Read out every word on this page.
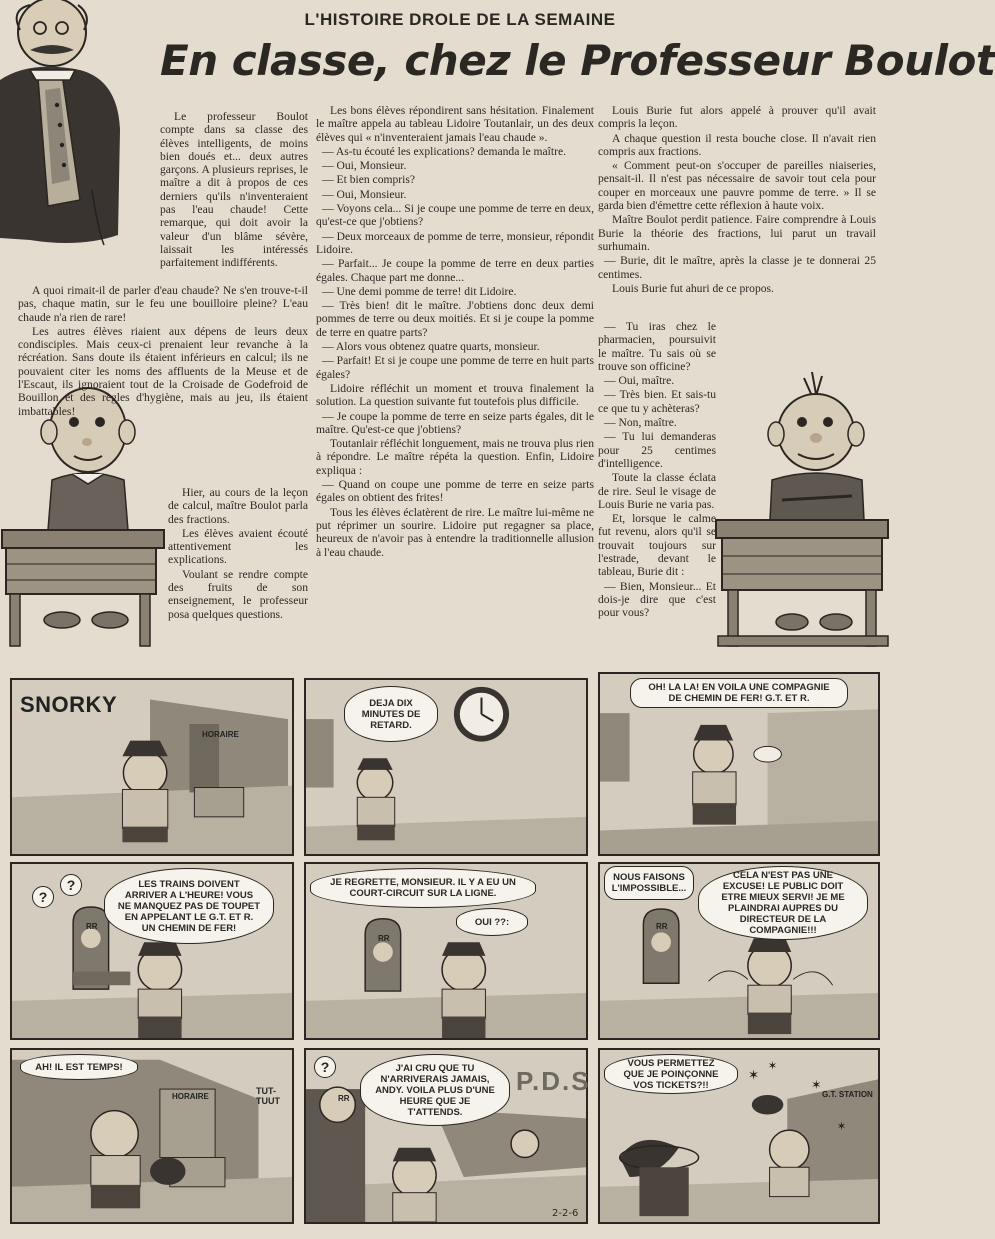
L'HISTOIRE DROLE DE LA SEMAINE
En classe, chez le Professeur Boulot

Le professeur Boulot compte dans sa classe des élèves intelligents, de moins bien doués et... deux autres garçons. A plusieurs reprises, le maître a dit à propos de ces derniers qu'ils n'inventeraient pas l'eau chaude! Cette remarque, qui doit avoir la valeur d'un blâme sévère, laissait les intéressés parfaitement indifférents.

A quoi rimait-il de parler d'eau chaude? Ne s'en trouve-t-il pas, chaque matin, sur le feu une bouilloire pleine? L'eau chaude n'a rien de rare!

Les autres élèves riaient aux dépens de leurs deux condisciples. Mais ceux-ci prenaient leur revanche à la récréation. Sans doute ils étaient inférieurs en calcul; ils ne pouvaient citer les noms des affluents de la Meuse et de l'Escaut, ils ignoraient tout de la Croisade de Godefroid de Bouillon et des règles d'hygiène, mais au jeu, ils étaient imbattables!

Hier, au cours de la leçon de calcul, maître Boulot parla des fractions.

Les élèves avaient écouté attentivement les explications.

Voulant se rendre compte des fruits de son enseignement, le professeur posa quelques questions.

Les bons élèves répondirent sans hésitation. Finalement le maître appela au tableau Lidoire Toutanlair, un des deux élèves qui « n'inventeraient jamais l'eau chaude ».

— As-tu écouté les explications? demanda le maître.

— Oui, Monsieur.

— Et bien compris?

— Oui, Monsieur.

— Voyons cela... Si je coupe une pomme de terre en deux, qu'est-ce que j'obtiens?

— Deux morceaux de pomme de terre, monsieur, répondit Lidoire.

— Parfait... Je coupe la pomme de terre en deux parties égales. Chaque part me donne...

— Une demi pomme de terre! dit Lidoire.

— Très bien! dit le maître. J'obtiens donc deux demi pommes de terre ou deux moitiés. Et si je coupe la pomme de terre en quatre parts?

— Alors vous obtenez quatre quarts, monsieur.

— Parfait! Et si je coupe une pomme de terre en huit parts égales?

Lidoire réfléchit un moment et trouva finalement la solution. La question suivante fut toutefois plus difficile.

— Je coupe la pomme de terre en seize parts égales, dit le maître. Qu'est-ce que j'obtiens?

Toutanlair réfléchit longuement, mais ne trouva plus rien à répondre. Le maître répéta la question. Enfin, Lidoire expliqua :

— Quand on coupe une pomme de terre en seize parts égales on obtient des frites!

Tous les élèves éclatèrent de rire. Le maître lui-même ne put réprimer un sourire. Lidoire put regagner sa place, heureux de n'avoir pas à entendre la traditionnelle allusion à l'eau chaude.

Louis Burie fut alors appelé à prouver qu'il avait compris la leçon.

A chaque question il resta bouche close. Il n'avait rien compris aux fractions.

« Comment peut-on s'occuper de pareilles niaiseries, pensait-il. Il n'est pas nécessaire de savoir tout cela pour couper en morceaux une pauvre pomme de terre. » Il se garda bien d'émettre cette réflexion à haute voix.

Maître Boulot perdit patience. Faire comprendre à Louis Burie la théorie des fractions, lui parut un travail surhumain.

— Burie, dit le maître, après la classe je te donnerai 25 centimes.

Louis Burie fut ahuri de ce propos.

— Tu iras chez le pharmacien, poursuivit le maître. Tu sais où se trouve son officine?

— Oui, maître.

— Très bien. Et sais-tu ce que tu y achèteras?

— Non, maître.

— Tu lui demanderas pour 25 centimes d'intelligence.

Toute la classe éclata de rire. Seul le visage de Louis Burie ne varia pas.

Et, lorsque le calme fut revenu, alors qu'il se trouvait toujours sur l'estrade, devant le tableau, Burie dit :

— Bien, Monsieur... Et dois-je dire que c'est pour vous?

SNORKY
HORAIRE
DEJA DIX MINUTES DE RETARD.
OH! LA LA! EN VOILA UNE COMPAGNIE DE CHEMIN DE FER! G.T. ET R.
?
?
RR
LES TRAINS DOIVENT ARRIVER A L'HEURE! VOUS NE MANQUEZ PAS DE TOUPET EN APPELANT LE G.T. ET R. UN CHEMIN DE FER!
RR
JE REGRETTE, MONSIEUR. IL Y A EU UN COURT-CIRCUIT SUR LA LIGNE.
OUI ??:	RR
NOUS FAISONS L'IMPOSSIBLE...
CELA N'EST PAS UNE EXCUSE! LE PUBLIC DOIT ETRE MIEUX SERVI! JE ME PLAINDRAI AUPRES DU DIRECTEUR DE LA COMPAGNIE!!!
AH! IL EST TEMPS!
HORAIRE
TUT-TUUT
?
RR
J'AI CRU QUE TU N'ARRIVERAIS JAMAIS, ANDY. VOILA PLUS D'UNE HEURE QUE JE T'ATTENDS.
P.D.S
2-2-6
✶
✶
✶
✶
VOUS PERMETTEZ QUE JE POINÇONNE VOS TICKETS?!!
G.T. STATION
